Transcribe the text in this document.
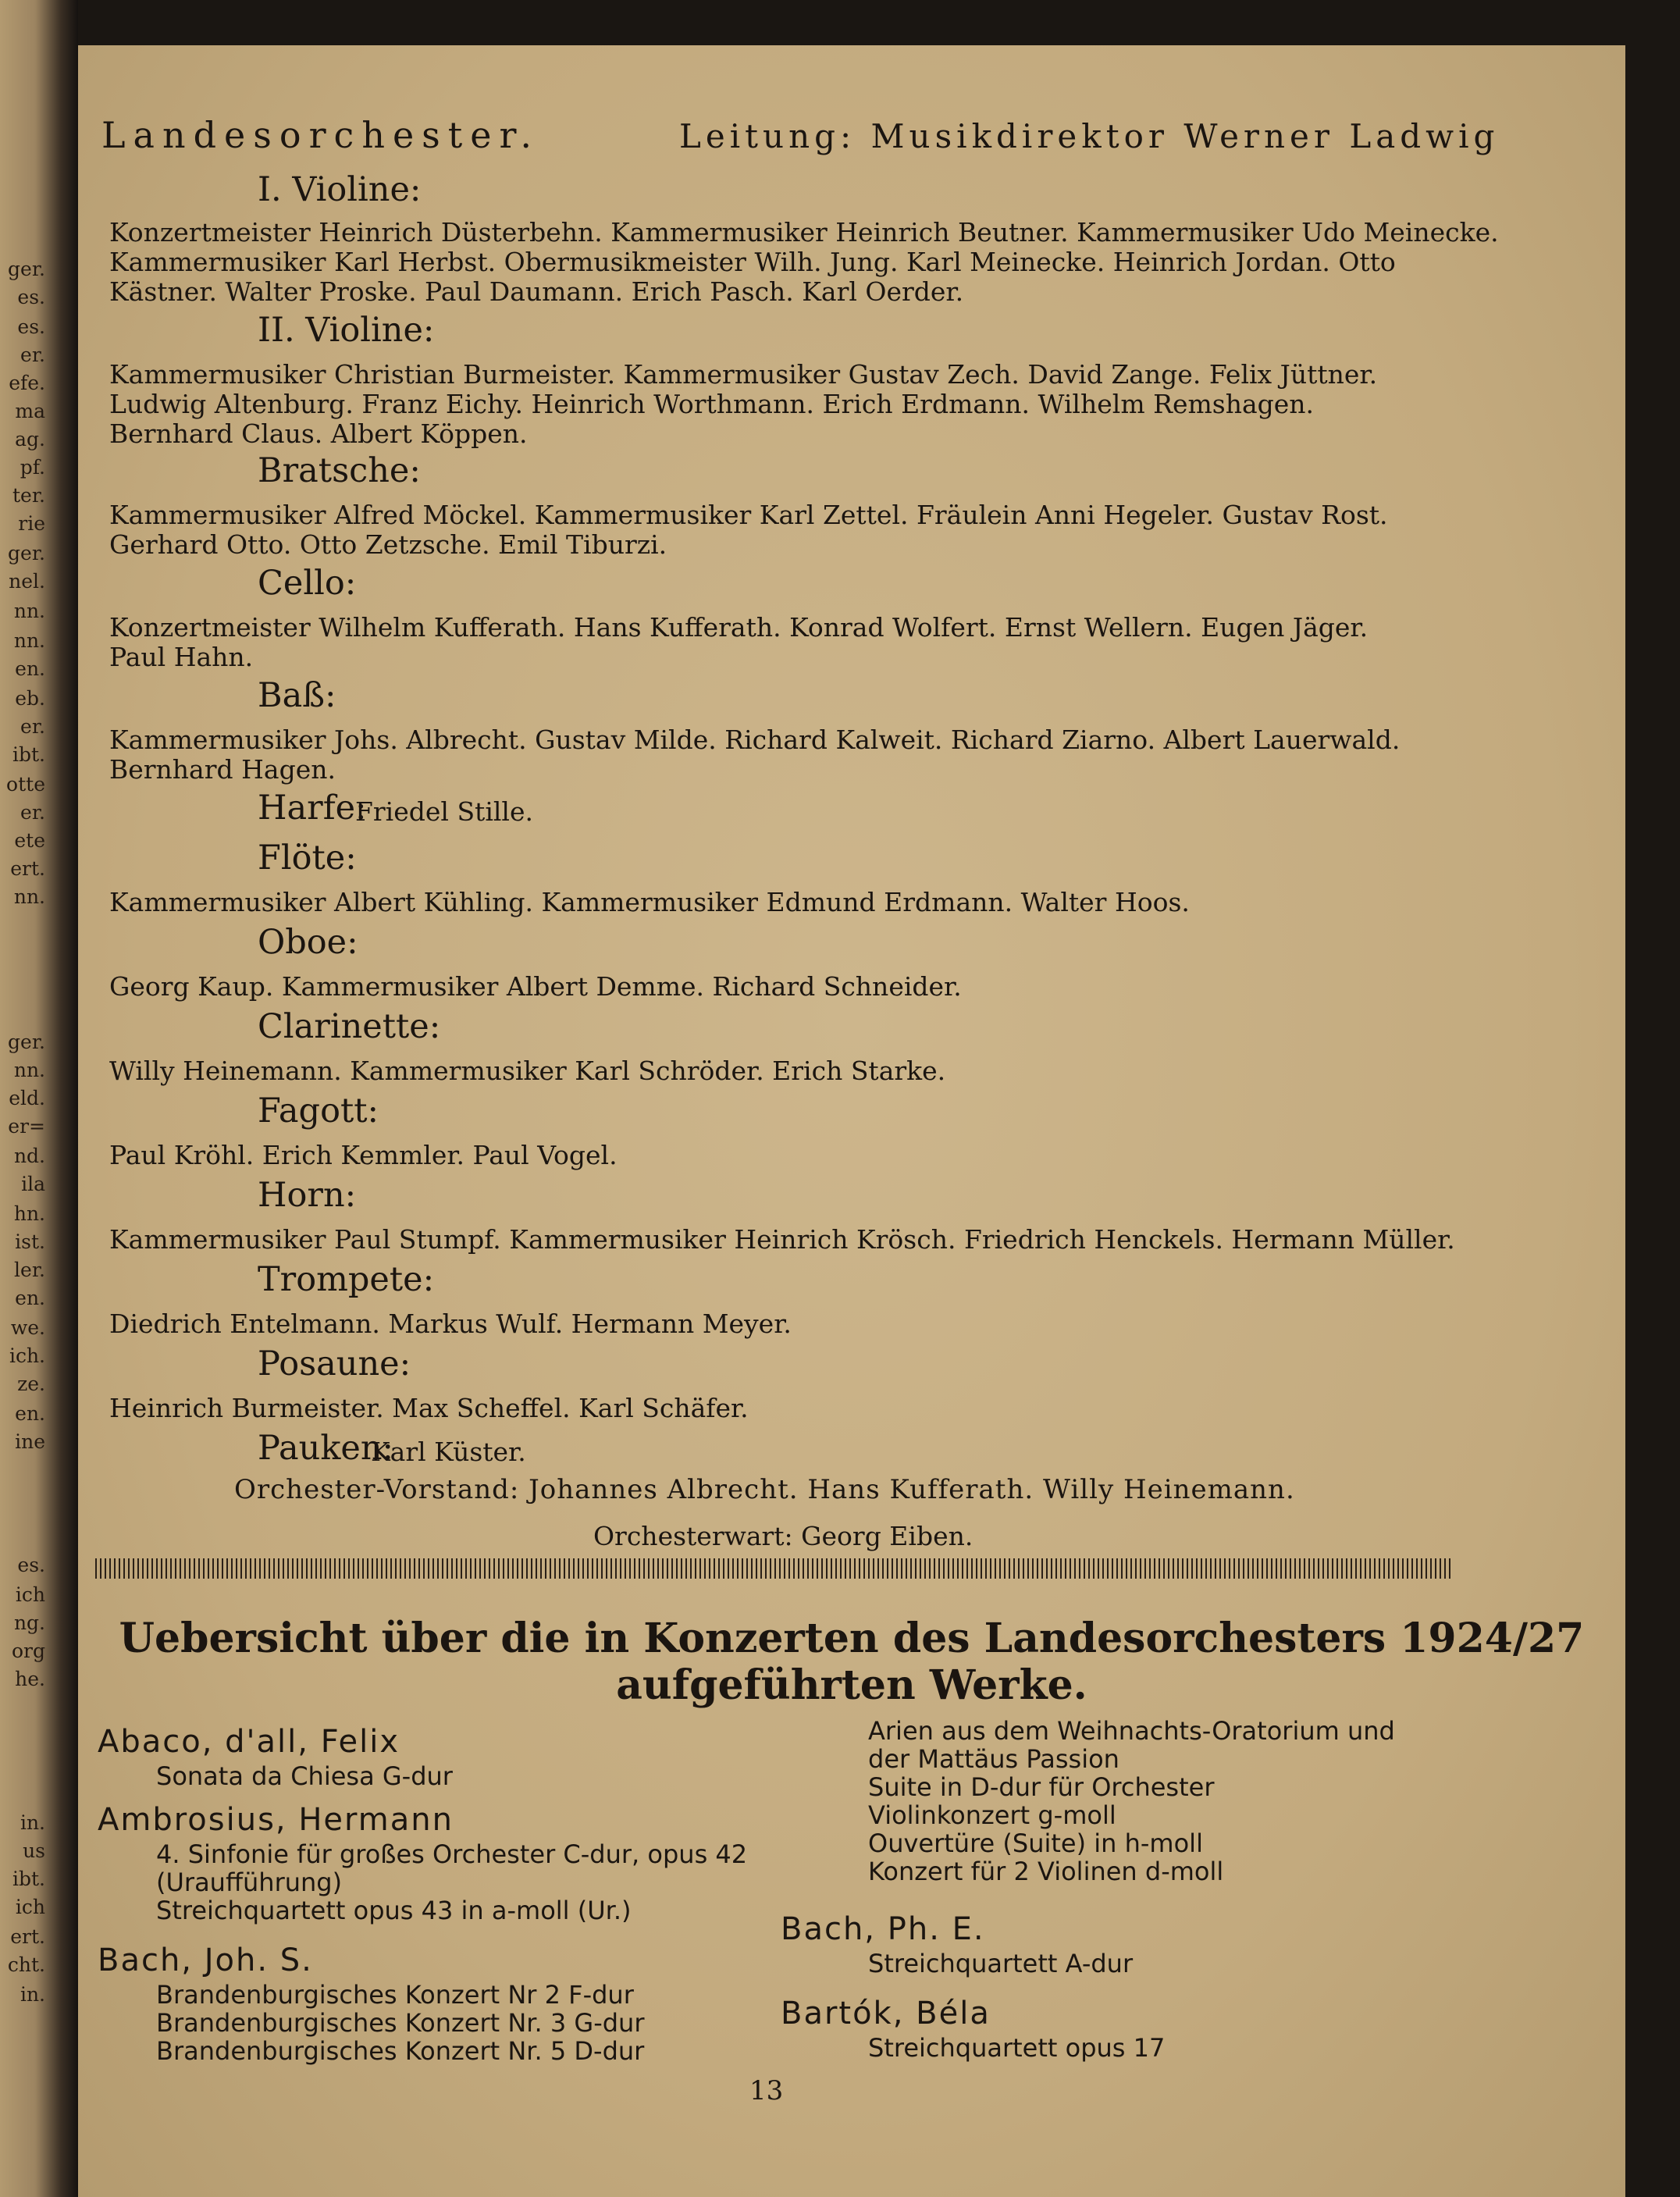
ger.
es.
es.
er.
efe.
ma
ag.
pf.
ter.
rie
ger.
nel.
nn.
nn.
en.
eb.
er.
ibt.
otte
er.
ete
ert.
nn.
ger.
nn.
eld.
er=
nd.
ila
hn.
ist.
ler.
en.
we.
ich.
ze.
en.
ine
es.
ich
ng.
org
he.
in.
us
ibt.
ich
ert.
cht.
in.
Landesorchester.	Leitung: Musikdirektor Werner Ladwig
I. Violine:
Konzertmeister Heinrich Düsterbehn. Kammermusiker Heinrich Beutner. Kammermusiker Udo Meinecke.
Kammermusiker Karl Herbst. Obermusikmeister Wilh. Jung. Karl Meinecke. Heinrich Jordan. Otto
Kästner. Walter Proske. Paul Daumann. Erich Pasch. Karl Oerder.
II. Violine:
Kammermusiker Christian Burmeister. Kammermusiker Gustav Zech. David Zange. Felix Jüttner.
Ludwig Altenburg. Franz Eichy. Heinrich Worthmann. Erich Erdmann. Wilhelm Remshagen.
Bernhard Claus. Albert Köppen.
Bratsche:
Kammermusiker Alfred Möckel. Kammermusiker Karl Zettel. Fräulein Anni Hegeler. Gustav Rost.
Gerhard Otto. Otto Zetzsche. Emil Tiburzi.
Cello:
Konzertmeister Wilhelm Kufferath. Hans Kufferath. Konrad Wolfert. Ernst Wellern. Eugen Jäger.
Paul Hahn.
Baß:
Kammermusiker Johs. Albrecht. Gustav Milde. Richard Kalweit. Richard Ziarno. Albert Lauerwald.
Bernhard Hagen.
Harfe:
Friedel Stille.
Flöte:
Kammermusiker Albert Kühling. Kammermusiker Edmund Erdmann. Walter Hoos.
Oboe:
Georg Kaup. Kammermusiker Albert Demme. Richard Schneider.
Clarinette:
Willy Heinemann. Kammermusiker Karl Schröder. Erich Starke.
Fagott:
Paul Kröhl. Erich Kemmler. Paul Vogel.
Horn:
Kammermusiker Paul Stumpf. Kammermusiker Heinrich Krösch. Friedrich Henckels. Hermann Müller.
Trompete:
Diedrich Entelmann. Markus Wulf. Hermann Meyer.
Posaune:
Heinrich Burmeister. Max Scheffel. Karl Schäfer.
Pauken:
Karl Küster.
Orchester-Vorstand: Johannes Albrecht. Hans Kufferath. Willy Heinemann.
Orchesterwart: Georg Eiben.
Uebersicht über die in Konzerten des Landesorchesters 1924/27
aufgeführten Werke.
Abaco, d'all, Felix
Sonata da Chiesa G-dur
Ambrosius, Hermann
4. Sinfonie für großes Orchester C-dur, opus 42
(Uraufführung)
Streichquartett opus 43 in a-moll (Ur.)
Bach, Joh. S.
Brandenburgisches Konzert Nr 2 F-dur
Brandenburgisches Konzert Nr. 3 G-dur
Brandenburgisches Konzert Nr. 5 D-dur
Arien aus dem Weihnachts-Oratorium und
der Mattäus Passion
Suite in D-dur für Orchester
Violinkonzert g-moll
Ouvertüre (Suite) in h-moll
Konzert für 2 Violinen d-moll
Bach, Ph. E.
Streichquartett A-dur
Bartók, Béla
Streichquartett opus 17
13
